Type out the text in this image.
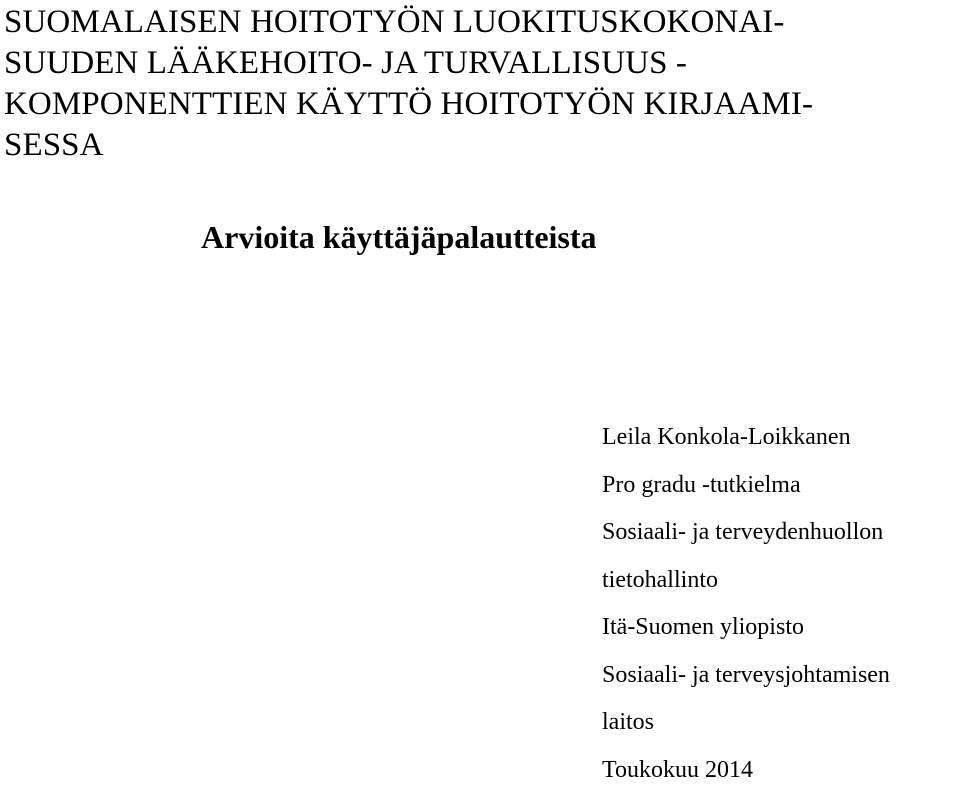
SUOMALAISEN HOITOTYÖN LUOKITUSKOKONAI-
SUUDEN LÄÄKEHOITO- JA TURVALLISUUS -
KOMPONENTTIEN KÄYTTÖ HOITOTYÖN KIRJAAMI-
SESSA
Arvioita käyttäjäpalautteista

Leila Konkola-Loikkanen

Pro gradu -tutkielma

Sosiaali- ja terveydenhuollon

tietohallinto

Itä-Suomen yliopisto

Sosiaali- ja terveysjohtamisen

laitos

Toukokuu 2014
